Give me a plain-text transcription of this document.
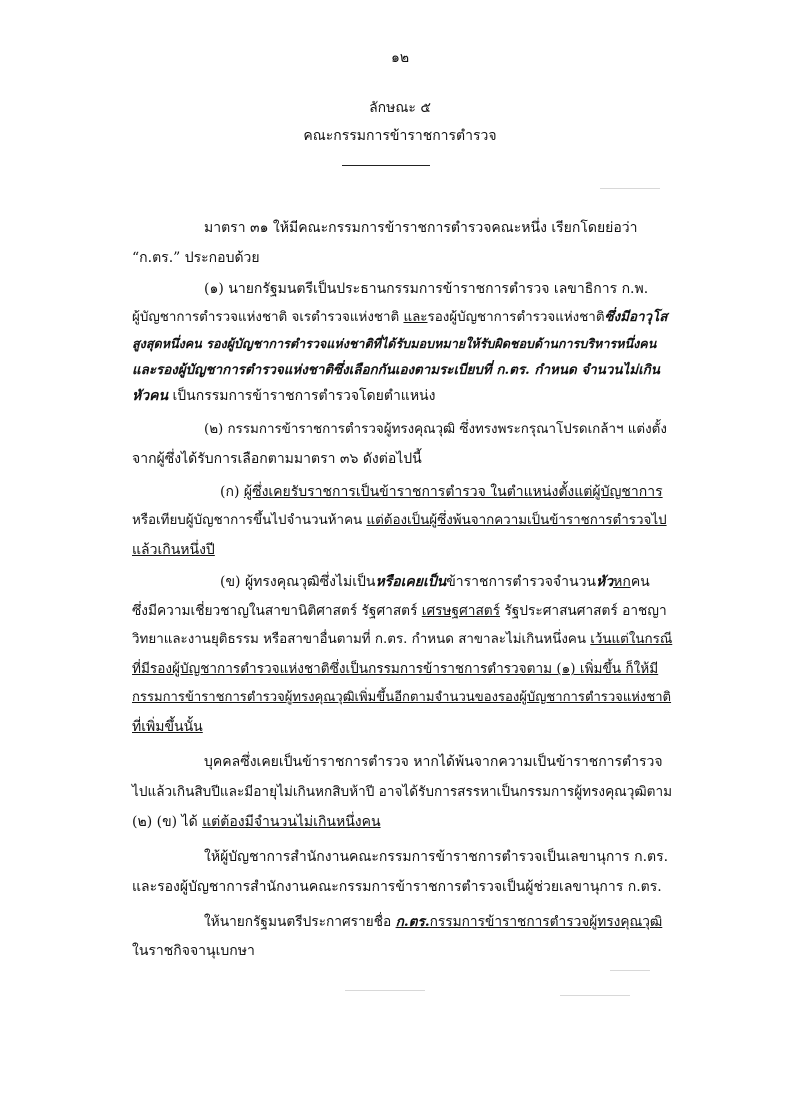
๑๒
ลักษณะ ๕
คณะกรรมการข้าราชการตำรวจ
มาตรา ๓๑ ให้มีคณะกรรมการข้าราชการตำรวจคณะหนึ่ง เรียกโดยย่อว่า
“ก.ตร.” ประกอบด้วย
(๑) นายกรัฐมนตรีเป็นประธานกรรมการข้าราชการตำรวจ เลขาธิการ ก.พ.
ผู้บัญชาการตำรวจแห่งชาติ จเรตำรวจแห่งชาติ และรองผู้บัญชาการตำรวจแห่งชาติซึ่งมีอาวุโส
สูงสุดหนึ่งคน รองผู้บัญชาการตำรวจแห่งชาติที่ได้รับมอบหมายให้รับผิดชอบด้านการบริหารหนึ่งคน
และรองผู้บัญชาการตำรวจแห่งชาติซึ่งเลือกกันเองตามระเบียบที่ ก.ตร. กำหนด จำนวนไม่เกิน
หัวคน เป็นกรรมการข้าราชการตำรวจโดยตำแหน่ง
(๒) กรรมการข้าราชการตำรวจผู้ทรงคุณวุฒิ ซึ่งทรงพระกรุณาโปรดเกล้าฯ แต่งตั้ง
จากผู้ซึ่งได้รับการเลือกตามมาตรา ๓๖ ดังต่อไปนี้
(ก) ผู้ซึ่งเคยรับราชการเป็นข้าราชการตำรวจ ในตำแหน่งตั้งแต่ผู้บัญชาการ
หรือเทียบผู้บัญชาการขึ้นไปจำนวนห้าคน แต่ต้องเป็นผู้ซึ่งพ้นจากความเป็นข้าราชการตำรวจไป
แล้วเกินหนึ่งปี
(ข) ผู้ทรงคุณวุฒิซึ่งไม่เป็นหรือเคยเป็นข้าราชการตำรวจจำนวนหัวหกคน
ซึ่งมีความเชี่ยวชาญในสาขานิติศาสตร์ รัฐศาสตร์ เศรษฐศาสตร์ รัฐประศาสนศาสตร์ อาชญา
วิทยาและงานยุติธรรม หรือสาขาอื่นตามที่ ก.ตร. กำหนด สาขาละไม่เกินหนึ่งคน เว้นแต่ในกรณี
ที่มีรองผู้บัญชาการตำรวจแห่งชาติซึ่งเป็นกรรมการข้าราชการตำรวจตาม (๑) เพิ่มขึ้น ก็ให้มี
กรรมการข้าราชการตำรวจผู้ทรงคุณวุฒิเพิ่มขึ้นอีกตามจำนวนของรองผู้บัญชาการตำรวจแห่งชาติ
ที่เพิ่มขึ้นนั้น
บุคคลซึ่งเคยเป็นข้าราชการตำรวจ หากได้พ้นจากความเป็นข้าราชการตำรวจ
ไปแล้วเกินสิบปีและมีอายุไม่เกินหกสิบห้าปี อาจได้รับการสรรหาเป็นกรรมการผู้ทรงคุณวุฒิตาม
(๒) (ข) ได้ แต่ต้องมีจำนวนไม่เกินหนึ่งคน
ให้ผู้บัญชาการสำนักงานคณะกรรมการข้าราชการตำรวจเป็นเลขานุการ ก.ตร.
และรองผู้บัญชาการสำนักงานคณะกรรมการข้าราชการตำรวจเป็นผู้ช่วยเลขานุการ ก.ตร.
ให้นายกรัฐมนตรีประกาศรายชื่อ ก.ตร.กรรมการข้าราชการตำรวจผู้ทรงคุณวุฒิ
ในราชกิจจานุเบกษา
